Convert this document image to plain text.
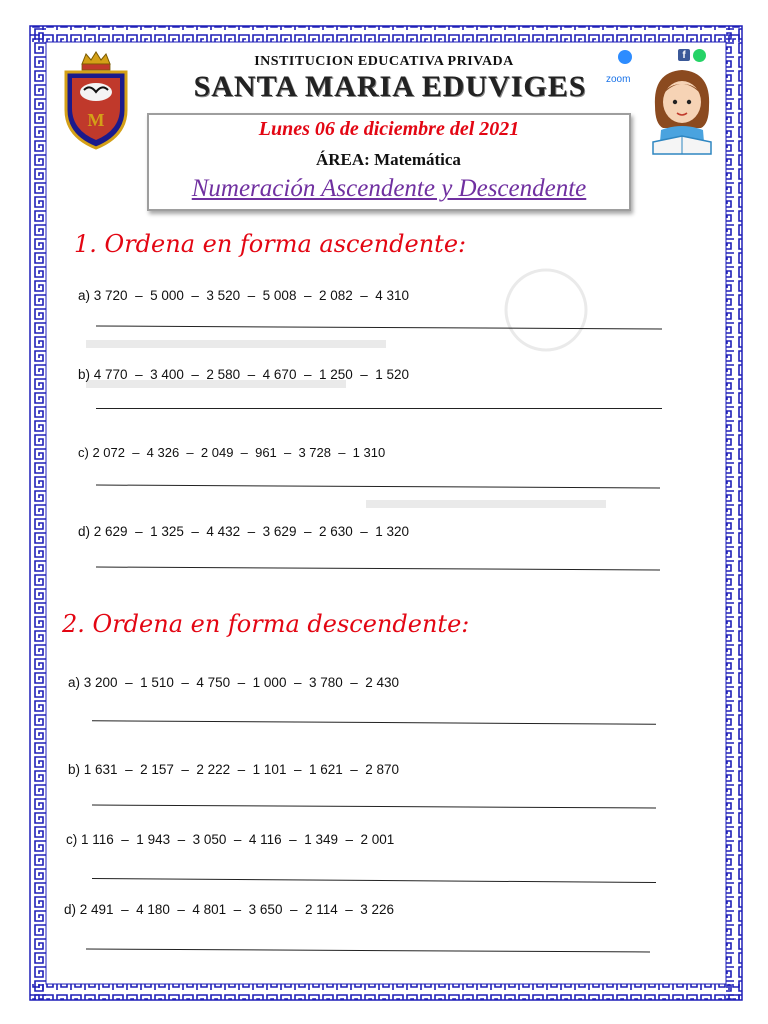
M
INSTITUCION EDUCATIVA PRIVADA
SANTA MARIA EDUVIGES	zoom
f
Lunes 06 de diciembre del 2021
ÁREA: Matemática
Numeración Ascendente y Descendente
1. Ordena en forma ascendente:
a) 3 720  –  5 000  –  3 520  –  5 008  –  2 082  –  4 310
b) 4 770  –  3 400  –  2 580  –  4 670  –  1 250  –  1 520
c) 2 072  –  4 326  –  2 049  –  961  –  3 728  –  1 310
d) 2 629  –  1 325  –  4 432  –  3 629  –  2 630  –  1 320
2. Ordena en forma descendente:
a) 3 200  –  1 510  –  4 750  –  1 000  –  3 780  –  2 430
b) 1 631  –  2 157  –  2 222  –  1 101  –  1 621  –  2 870
c) 1 116  –  1 943  –  3 050  –  4 116  –  1 349  –  2 001
d) 2 491  –  4 180  –  4 801  –  3 650  –  2 114  –  3 226
